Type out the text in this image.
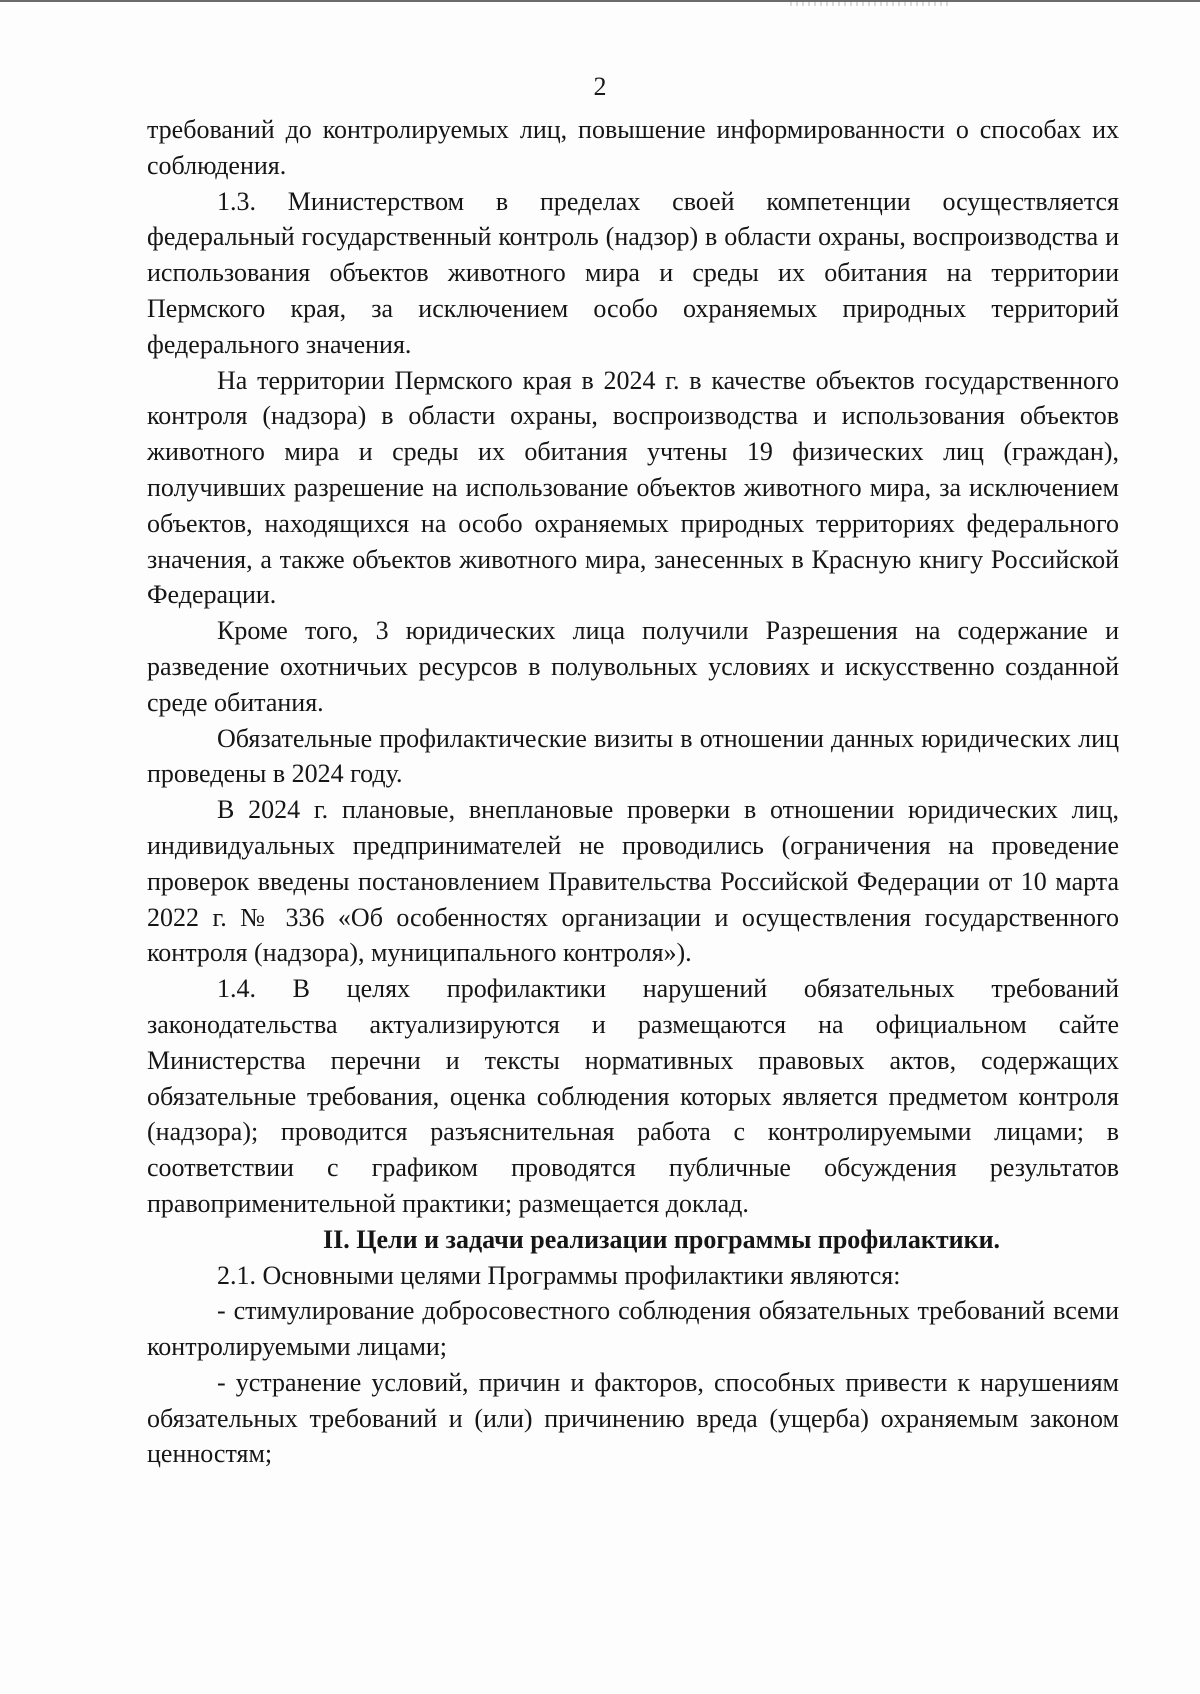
2

требований до контролируемых лиц, повышение информированности о способах их соблюдения.

1.3. Министерством в пределах своей компетенции осуществляется федеральный государственный контроль (надзор) в области охраны, воспроизводства и использования объектов животного мира и среды их обитания на территории Пермского края, за исключением особо охраняемых природных территорий федерального значения.

На территории Пермского края в 2024 г. в качестве объектов государственного контроля (надзора) в области охраны, воспроизводства и использования объектов животного мира и среды их обитания учтены 19 физических лиц (граждан), получивших разрешение на использование объектов животного мира, за исключением объектов, находящихся на особо охраняемых природных территориях федерального значения, а также объектов животного мира, занесенных в Красную книгу Российской Федерации.

Кроме того, 3 юридических лица получили Разрешения на содержание и разведение охотничьих ресурсов в полувольных условиях и искусственно созданной среде обитания.

Обязательные профилактические визиты в отношении данных юридических лиц проведены в 2024 году.

В 2024 г. плановые, внеплановые проверки в отношении юридических лиц, индивидуальных предпринимателей не проводились (ограничения на проведение проверок введены постановлением Правительства Российской Федерации от 10 марта 2022 г. № 336 «Об особенностях организации и осуществления государственного контроля (надзора), муниципального контроля»).

1.4. В целях профилактики нарушений обязательных требований законодательства актуализируются и размещаются на официальном сайте Министерства перечни и тексты нормативных правовых актов, содержащих обязательные требования, оценка соблюдения которых является предметом контроля (надзора); проводится разъяснительная работа с контролируемыми лицами; в соответствии с графиком проводятся публичные обсуждения результатов правоприменительной практики; размещается доклад.

II. Цели и задачи реализации программы профилактики.

2.1. Основными целями Программы профилактики являются:

- стимулирование добросовестного соблюдения обязательных требований всеми контролируемыми лицами;

- устранение условий, причин и факторов, способных привести к нарушениям обязательных требований и (или) причинению вреда (ущерба) охраняемым законом ценностям;
